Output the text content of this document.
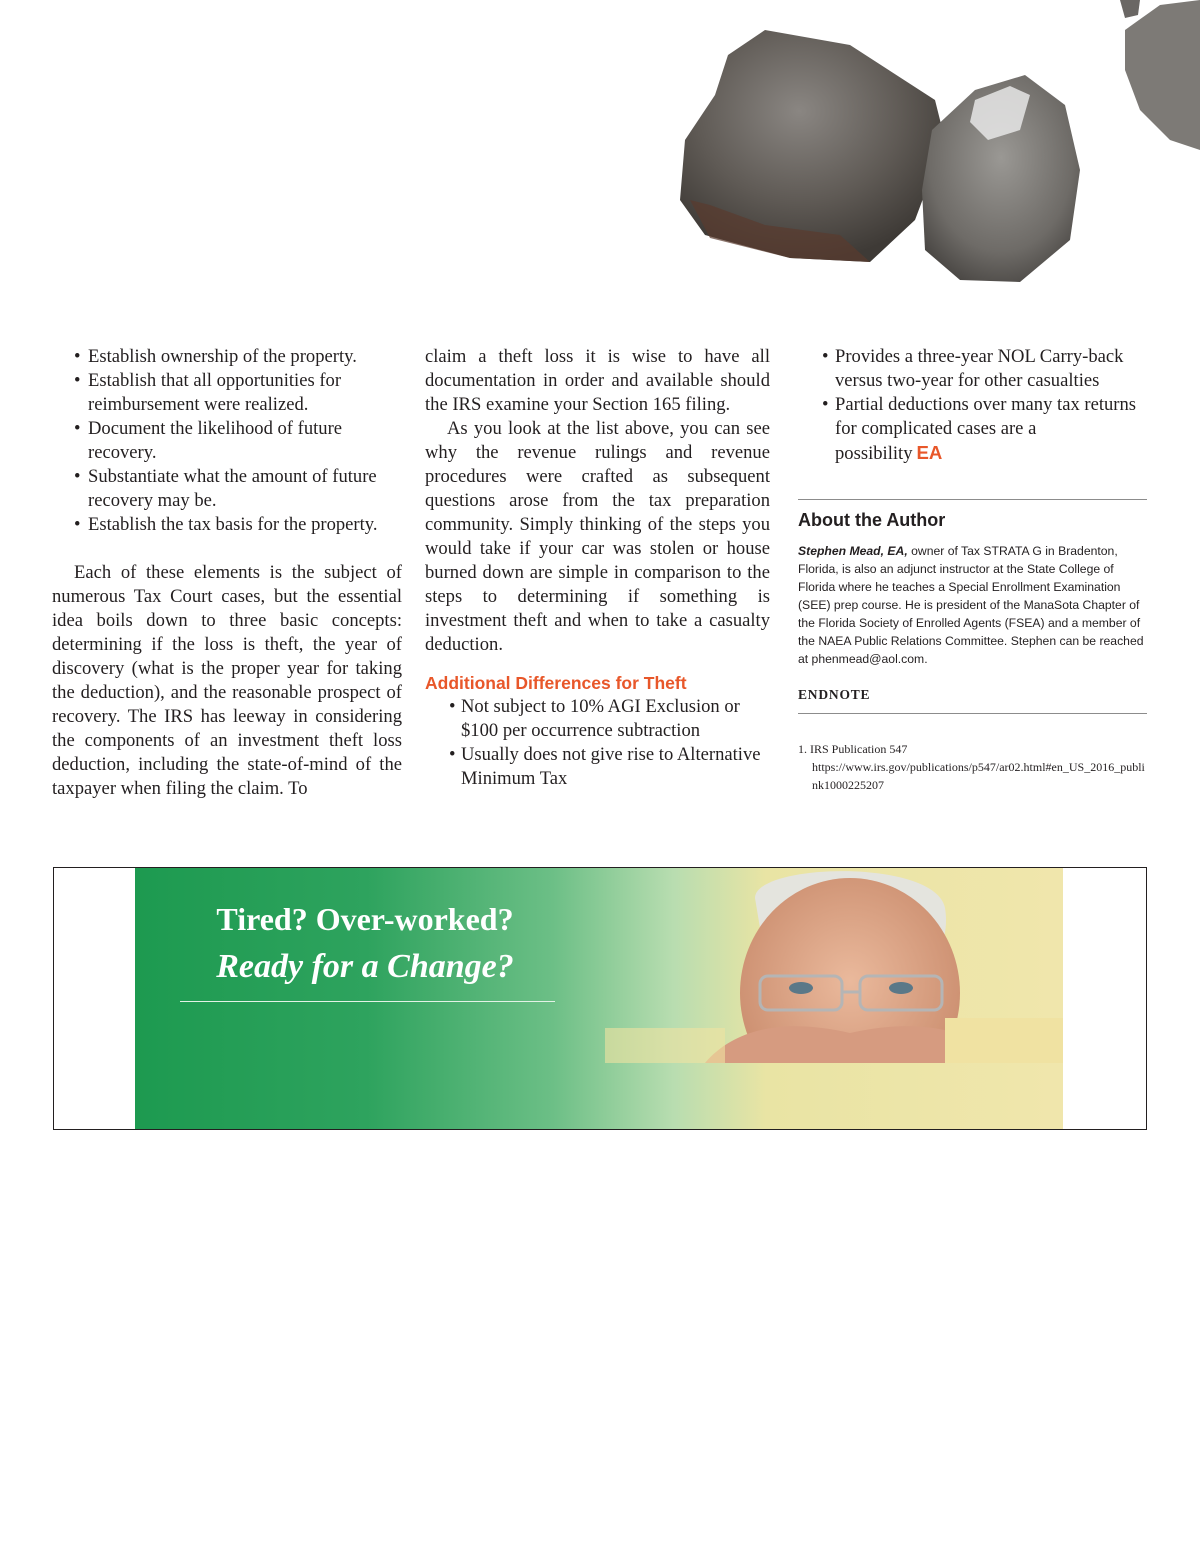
• Establish ownership of the property.
• Establish that all opportunities for reimbursement were realized.
• Document the likelihood of future recovery.
• Substantiate what the amount of future recovery may be.
• Establish the tax basis for the property.

Each of these elements is the subject of numerous Tax Court cases, but the essential idea boils down to three basic concepts: determining if the loss is theft, the year of discovery (what is the proper year for taking the deduction), and the reasonable prospect of recovery. The IRS has leeway in considering the components of an investment theft loss deduction, including the state-of-mind of the taxpayer when filing the claim. To

claim a theft loss it is wise to have all documentation in order and available should the IRS examine your Section 165 filing.

As you look at the list above, you can see why the revenue rulings and revenue procedures were crafted as subsequent questions arose from the tax preparation community. Simply thinking of the steps you would take if your car was stolen or house burned down are simple in comparison to the steps to determining if something is investment theft and when to take a casualty deduction.

Additional Differences for Theft
• Not subject to 10% AGI Exclusion or $100 per occurrence subtraction
• Usually does not give rise to Alternative Minimum Tax
• Provides a three-year NOL Carry-back versus two-year for other casualties
• Partial deductions over many tax returns for complicated cases are a possibility EA
About the Author

Stephen Mead, EA, owner of Tax STRATA G in Bradenton, Florida, is also an adjunct instructor at the State College of Florida where he teaches a Special Enrollment Examination (SEE) prep course. He is president of the ManaSota Chapter of the Florida Society of Enrolled Agents (FSEA) and a member of the NAEA Public Relations Committee. Stephen can be reached at phenmead@aol.com.

ENDNOTE
1. IRS Publication 547
https://www.irs.gov/publications/p547/ar02.html#en_US_2016_publink1000225207
Tired? Over-worked?
Ready for a Change?
